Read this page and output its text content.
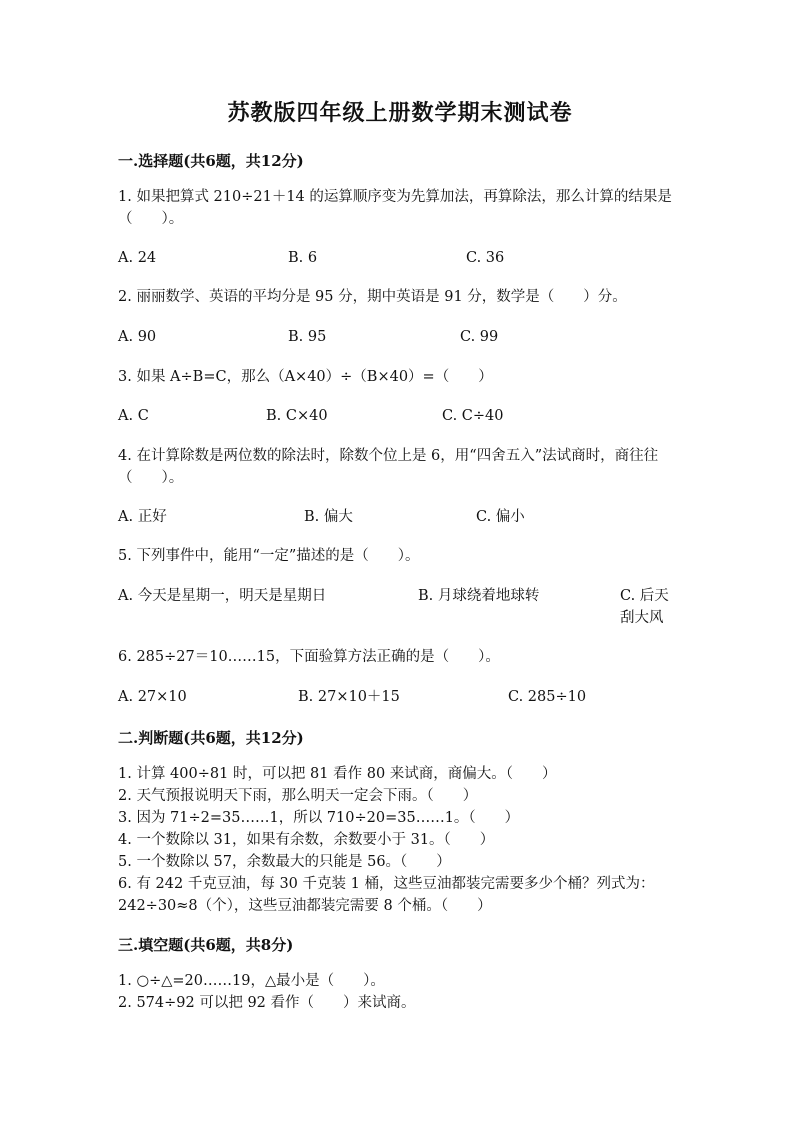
苏教版四年级上册数学期末测试卷
一.选择题(共6题，共12分)
1. 如果把算式 210÷21＋14 的运算顺序变为先算加法，再算除法，那么计算的结果是（　　）。
A. 24	B. 6	C. 36
2. 丽丽数学、英语的平均分是 95 分，期中英语是 91 分，数学是（　　）分。
A. 90	B. 95	C. 99
3. 如果 A÷B=C，那么（A×40）÷（B×40）=（　　）
A. C	B. C×40	C. C÷40
4. 在计算除数是两位数的除法时，除数个位上是 6，用“四舍五入”法试商时，商往往（　　）。
A. 正好	B. 偏大	C. 偏小
5. 下列事件中，能用“一定”描述的是（　　）。
A. 今天是星期一，明天是星期日	B. 月球绕着地球转	C. 后天刮大风
6. 285÷27＝10……15，下面验算方法正确的是（　　）。
A. 27×10	B. 27×10＋15	C. 285÷10
二.判断题(共6题，共12分)
1. 计算 400÷81 时，可以把 81 看作 80 来试商，商偏大。（　　）
2. 天气预报说明天下雨，那么明天一定会下雨。（　　）
3. 因为 71÷2=35……1，所以 710÷20=35……1。（　　）
4. 一个数除以 31，如果有余数，余数要小于 31。（　　）
5. 一个数除以 57，余数最大的只能是 56。（　　）
6. 有 242 千克豆油，每 30 千克装 1 桶，这些豆油都装完需要多少个桶？列式为：242÷30≈8（个），这些豆油都装完需要 8 个桶。（　　）
三.填空题(共6题，共8分)
1. ○÷△=20……19，△最小是（　　）。
2. 574÷92 可以把 92 看作（　　）来试商。
